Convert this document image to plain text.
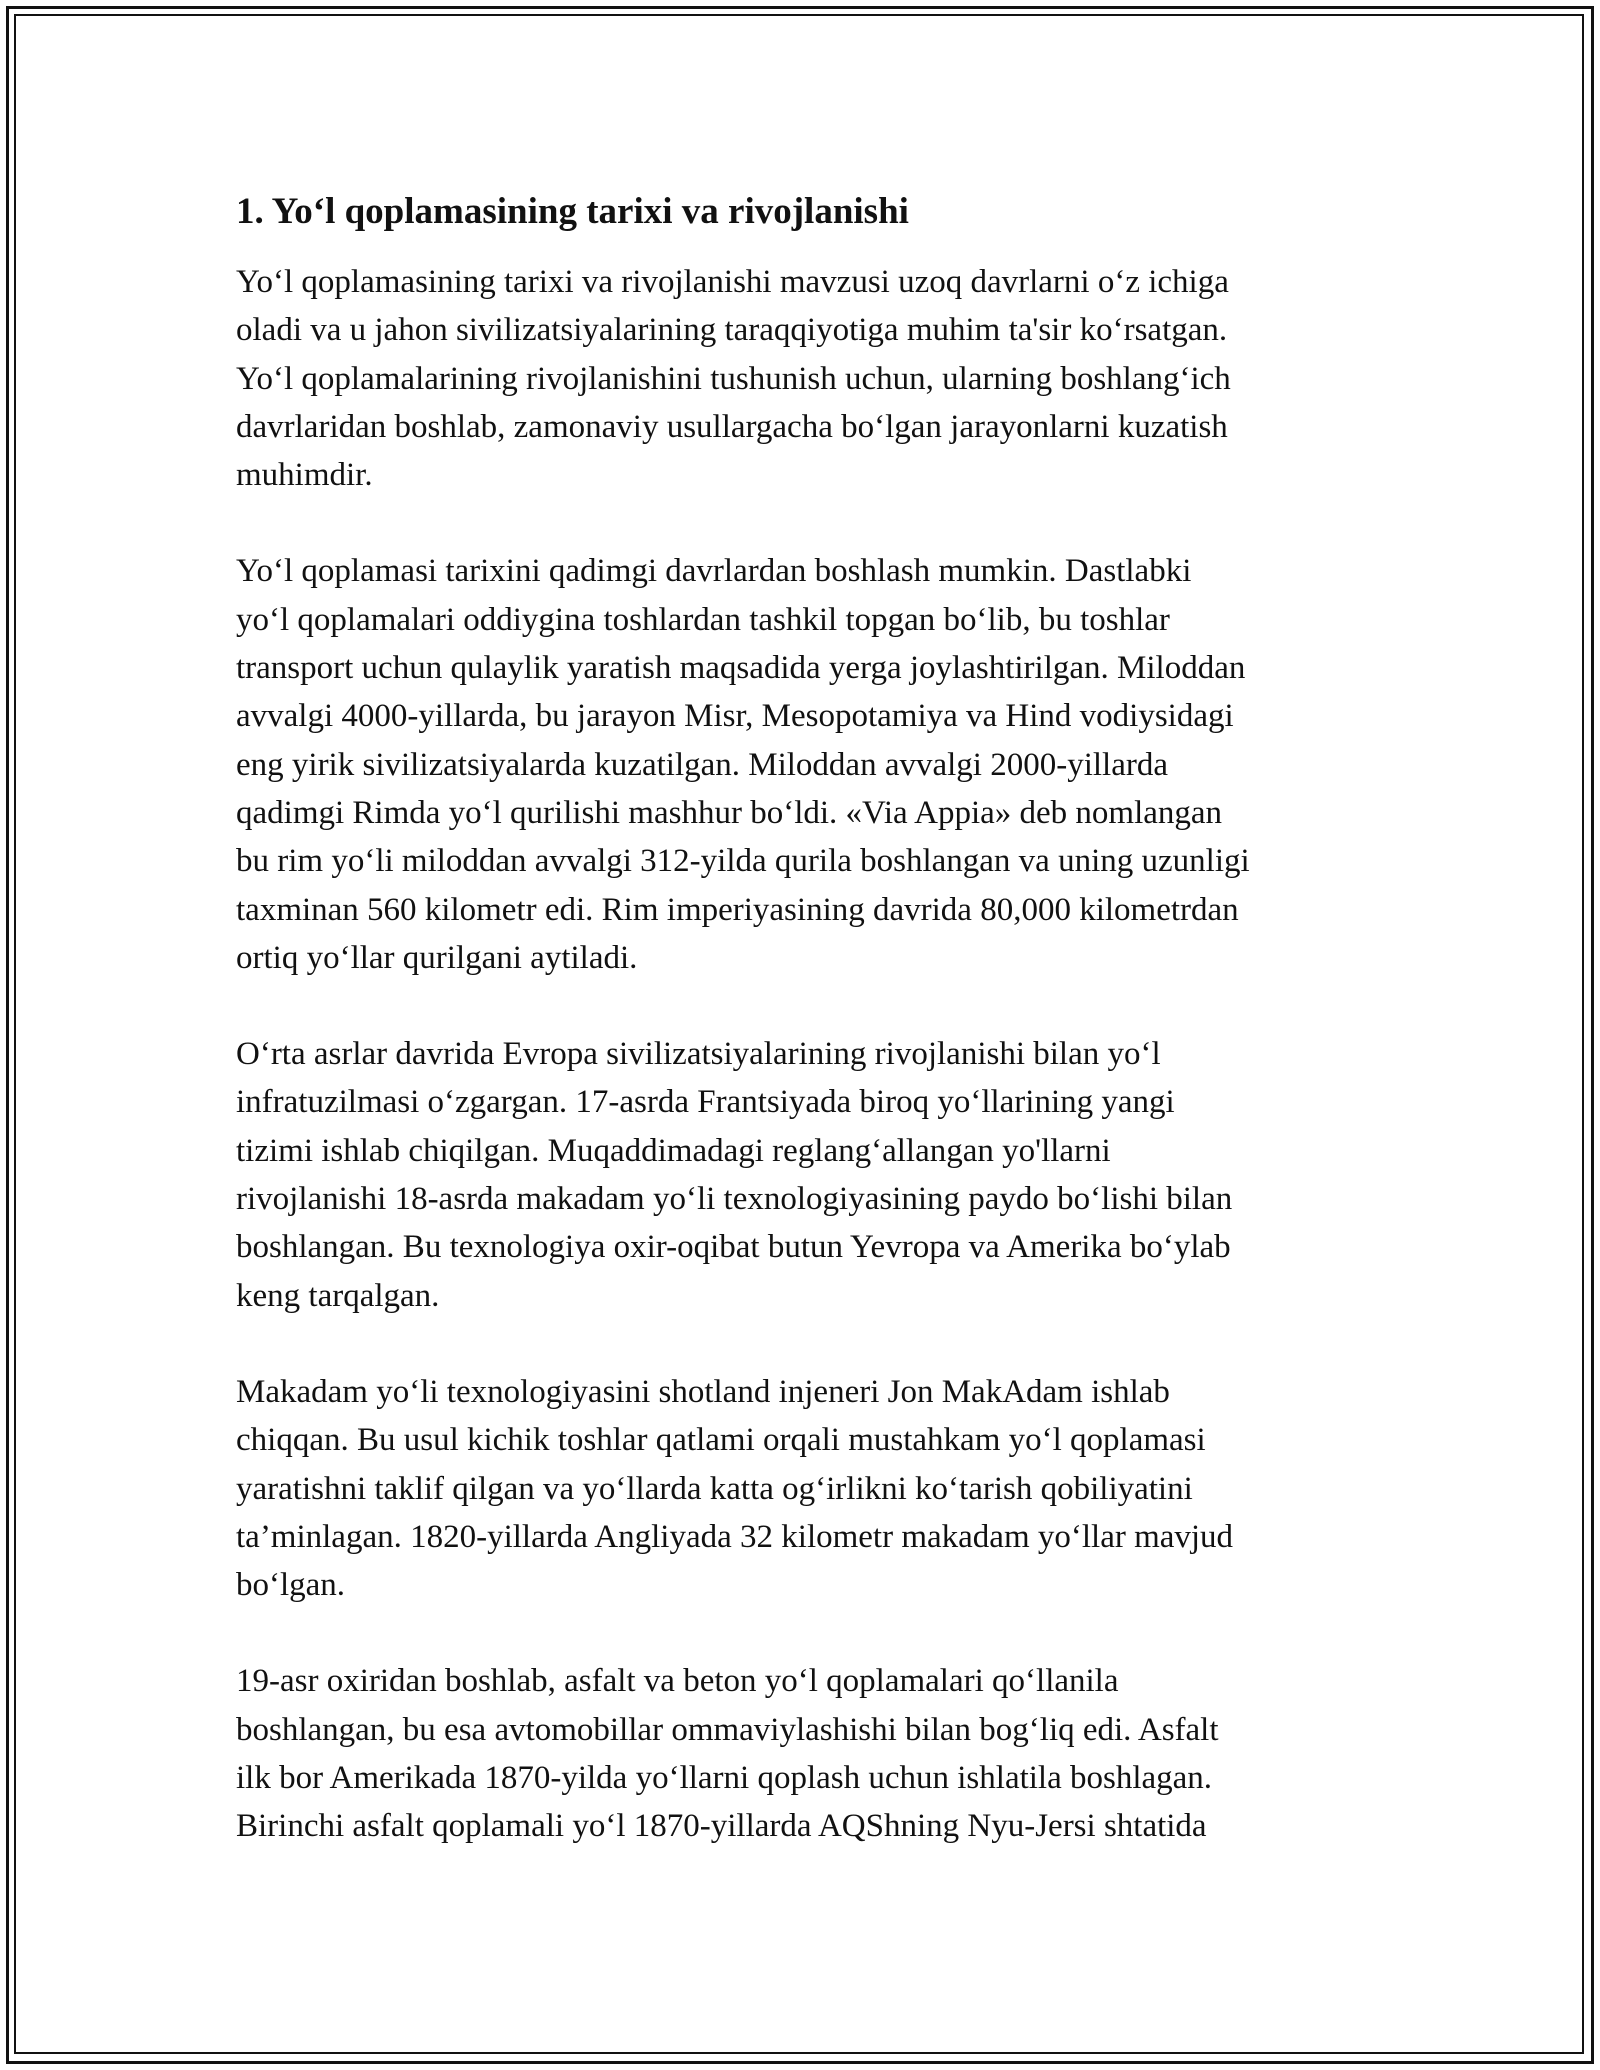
1. Yo‘l qoplamasining tarixi va rivojlanishi

Yo‘l qoplamasining tarixi va rivojlanishi mavzusi uzoq davrlarni o‘z ichiga
oladi va u jahon sivilizatsiyalarining taraqqiyotiga muhim ta'sir ko‘rsatgan.
Yo‘l qoplamalarining rivojlanishini tushunish uchun, ularning boshlang‘ich
davrlaridan boshlab, zamonaviy usullargacha bo‘lgan jarayonlarni kuzatish
muhimdir.

Yo‘l qoplamasi tarixini qadimgi davrlardan boshlash mumkin. Dastlabki
yo‘l qoplamalari oddiygina toshlardan tashkil topgan bo‘lib, bu toshlar
transport uchun qulaylik yaratish maqsadida yerga joylashtirilgan. Miloddan
avvalgi 4000-yillarda, bu jarayon Misr, Mesopotamiya va Hind vodiysidagi
eng yirik sivilizatsiyalarda kuzatilgan. Miloddan avvalgi 2000-yillarda
qadimgi Rimda yo‘l qurilishi mashhur bo‘ldi. «Via Appia» deb nomlangan
bu rim yo‘li miloddan avvalgi 312-yilda qurila boshlangan va uning uzunligi
taxminan 560 kilometr edi. Rim imperiyasining davrida 80,000 kilometrdan
ortiq yo‘llar qurilgani aytiladi.

O‘rta asrlar davrida Evropa sivilizatsiyalarining rivojlanishi bilan yo‘l
infratuzilmasi o‘zgargan. 17-asrda Frantsiyada biroq yo‘llarining yangi
tizimi ishlab chiqilgan. Muqaddimadagi reglang‘allangan yo'llarni
rivojlanishi 18-asrda makadam yo‘li texnologiyasining paydo bo‘lishi bilan
boshlangan. Bu texnologiya oxir-oqibat butun Yevropa va Amerika bo‘ylab
keng tarqalgan.

Makadam yo‘li texnologiyasini shotland injeneri Jon MakAdam ishlab
chiqqan. Bu usul kichik toshlar qatlami orqali mustahkam yo‘l qoplamasi
yaratishni taklif qilgan va yo‘llarda katta og‘irlikni ko‘tarish qobiliyatini
ta’minlagan. 1820-yillarda Angliyada 32 kilometr makadam yo‘llar mavjud
bo‘lgan.

19-asr oxiridan boshlab, asfalt va beton yo‘l qoplamalari qo‘llanila
boshlangan, bu esa avtomobillar ommaviylashishi bilan bog‘liq edi. Asfalt
ilk bor Amerikada 1870-yilda yo‘llarni qoplash uchun ishlatila boshlagan.
Birinchi asfalt qoplamali yo‘l 1870-yillarda AQShning Nyu-Jersi shtatida
